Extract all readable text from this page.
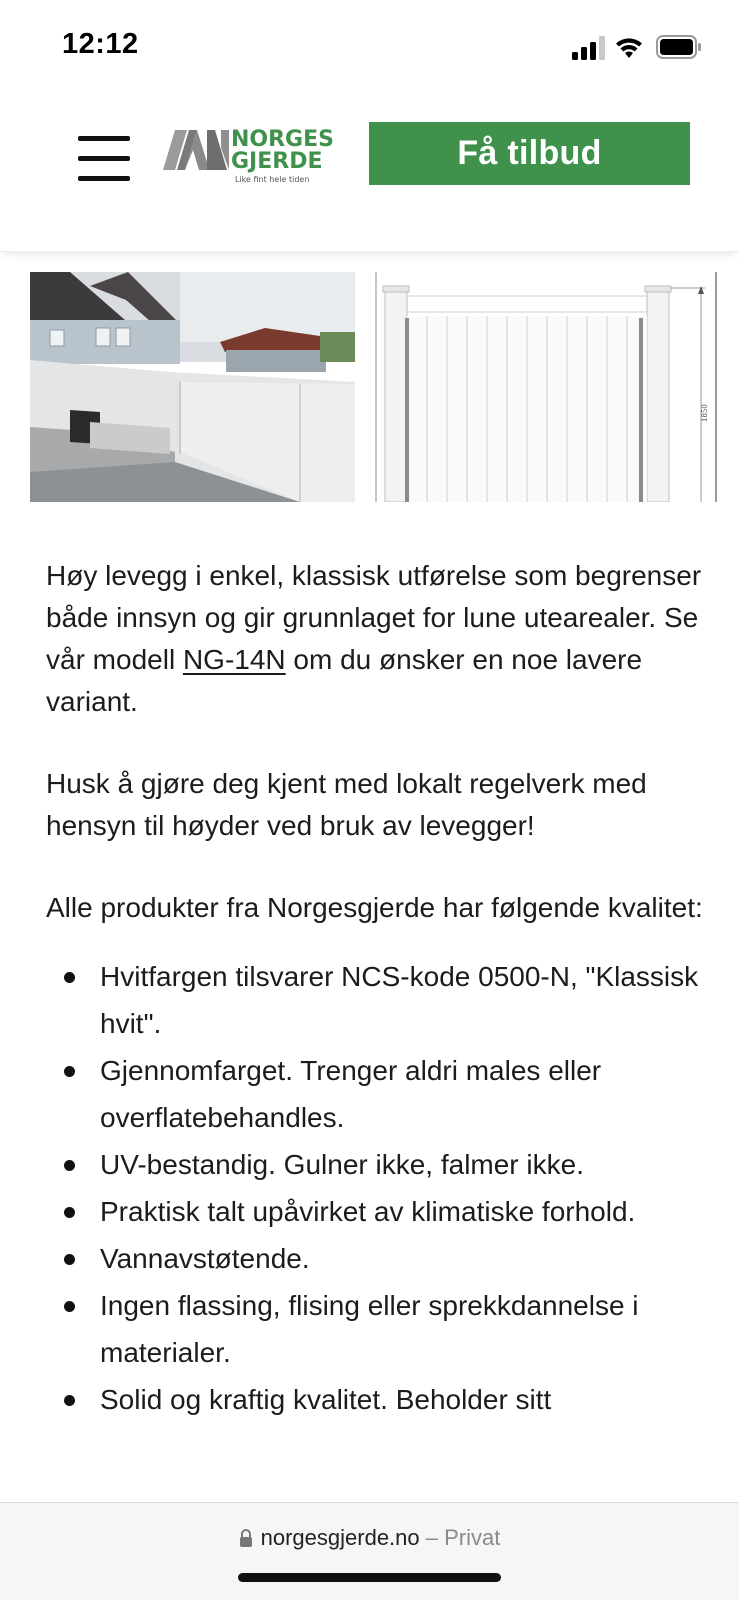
12:12
NORGES
GJERDE
Like fint hele tiden
Få tilbud
1850

Høy levegg i enkel, klassisk utførelse som begrenser både innsyn og gir grunnlaget for lune utearealer. Se vår modell NG-14N om du ønsker en noe lavere variant.

Husk å gjøre deg kjent med lokalt regelverk med hensyn til høyder ved bruk av levegger!

Alle produkter fra Norgesgjerde har følgende kvalitet:

Hvitfargen tilsvarer NCS-kode 0500-N, "Klassisk hvit".
Gjennomfarget. Trenger aldri males eller overflatebehandles.
UV-bestandig. Gulner ikke, falmer ikke.
Praktisk talt upåvirket av klimatiske forhold.
Vannavstøtende.
Ingen flassing, flising eller sprekkdannelse i materialer.
Solid og kraftig kvalitet. Beholder sitt
norgesgjerde.no – Privat
